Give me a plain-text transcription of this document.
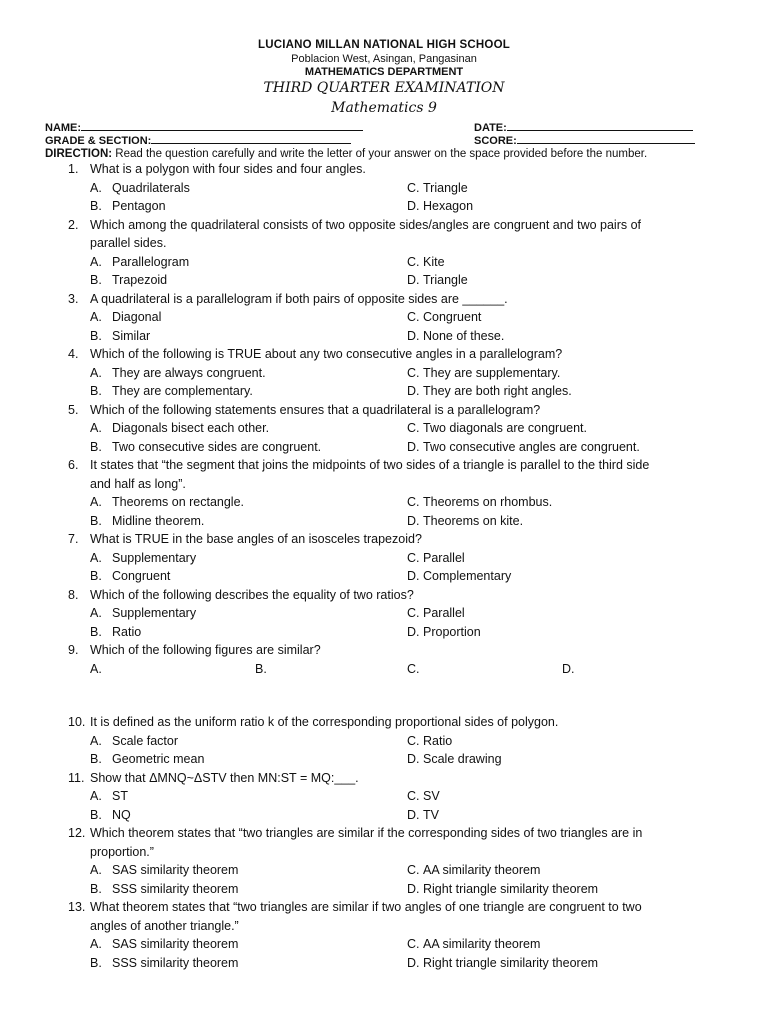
LUCIANO MILLAN NATIONAL HIGH SCHOOL
Poblacion West, Asingan, Pangasinan
MATHEMATICS DEPARTMENT
THIRD QUARTER EXAMINATION
Mathematics 9
NAME:	DATE:
GRADE & SECTION:	SCORE:
DIRECTION: Read the question carefully and write the letter of your answer on the space provided before the number.
1. What is a polygon with four sides and four angles.
A. Quadrilaterals	C. Triangle
B. Pentagon	D. Hexagon
2. Which among the quadrilateral consists of two opposite sides/angles are congruent and two pairs of
parallel sides.
A. Parallelogram	C. Kite
B. Trapezoid	D. Triangle
3. A quadrilateral is a parallelogram if both pairs of opposite sides are ______.
A. Diagonal	C. Congruent
B. Similar	D. None of these.
4. Which of the following is TRUE about any two consecutive angles in a parallelogram?
A. They are always congruent.	C. They are supplementary.
B. They are complementary.	D. They are both right angles.
5. Which of the following statements ensures that a quadrilateral is a parallelogram?
A. Diagonals bisect each other.	C. Two diagonals are congruent.
B. Two consecutive sides are congruent.	D. Two consecutive angles are congruent.
6. It states that “the segment that joins the midpoints of two sides of a triangle is parallel to the third side
and half as long”.
A. Theorems on rectangle.	C. Theorems on rhombus.
B. Midline theorem.	D. Theorems on kite.
7. What is TRUE in the base angles of an isosceles trapezoid?
A. Supplementary	C. Parallel
B. Congruent	D. Complementary
8. Which of the following describes the equality of two ratios?
A. Supplementary	C. Parallel
B. Ratio	D. Proportion
9. Which of the following figures are similar?
A.	B.	C.	D.
10. It is defined as the uniform ratio k of the corresponding proportional sides of polygon.
A. Scale factor	C. Ratio
B. Geometric mean	D. Scale drawing
11. Show that ΔMNQ~ΔSTV then MN:ST = MQ:___.
A. ST	C. SV
B. NQ	D. TV
12. Which theorem states that “two triangles are similar if the corresponding sides of two triangles are in
proportion.”
A. SAS similarity theorem	C. AA similarity theorem
B. SSS similarity theorem	D. Right triangle similarity theorem
13. What theorem states that “two triangles are similar if two angles of one triangle are congruent to two
angles of another triangle.”
A. SAS similarity theorem	C. AA similarity theorem
B. SSS similarity theorem	D. Right triangle similarity theorem
